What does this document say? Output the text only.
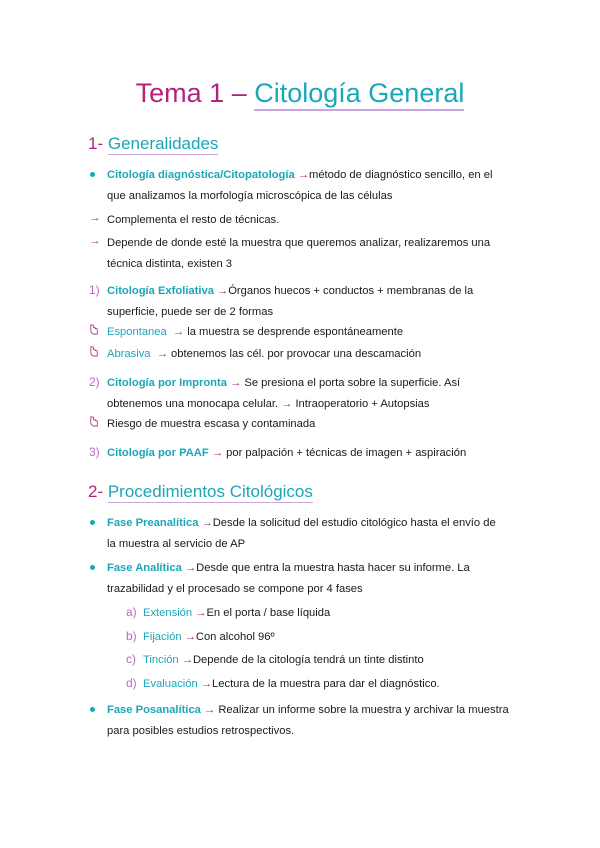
Tema 1 – Citología General
1- Generalidades
Citología diagnóstica/Citopatología →método de diagnóstico sencillo, en el
que analizamos la morfología microscópica de las células
→ Complementa el resto de técnicas.
→ Depende de donde esté la muestra que queremos analizar, realizaremos una
técnica distinta, existen 3
1) Citología Exfoliativa →Órganos huecos + conductos + membranas de la
superficie, puede ser de 2 formas
Espontanea  → la muestra se desprende espontáneamente
Abrasiva  → obtenemos las cél. por provocar una descamación
2) Citología por Impronta → Se presiona el porta sobre la superficie. Así
obtenemos una monocapa celular. → Intraoperatorio + Autopsias
Riesgo de muestra escasa y contaminada
3) Citología por PAAF → por palpación + técnicas de imagen + aspiración
2- Procedimientos Citológicos
Fase Preanalítica →Desde la solicitud del estudio citológico hasta el envío de
la muestra al servicio de AP
Fase Analítica →Desde que entra la muestra hasta hacer su informe. La
trazabilidad y el procesado se compone por 4 fases
a) Extensión →En el porta / base líquida
b) Fijación →Con alcohol 96º
c) Tinción →Depende de la citología tendrá un tinte distinto
d) Evaluación →Lectura de la muestra para dar el diagnóstico.
Fase Posanalítica → Realizar un informe sobre la muestra y archivar la muestra
para posibles estudios retrospectivos.
